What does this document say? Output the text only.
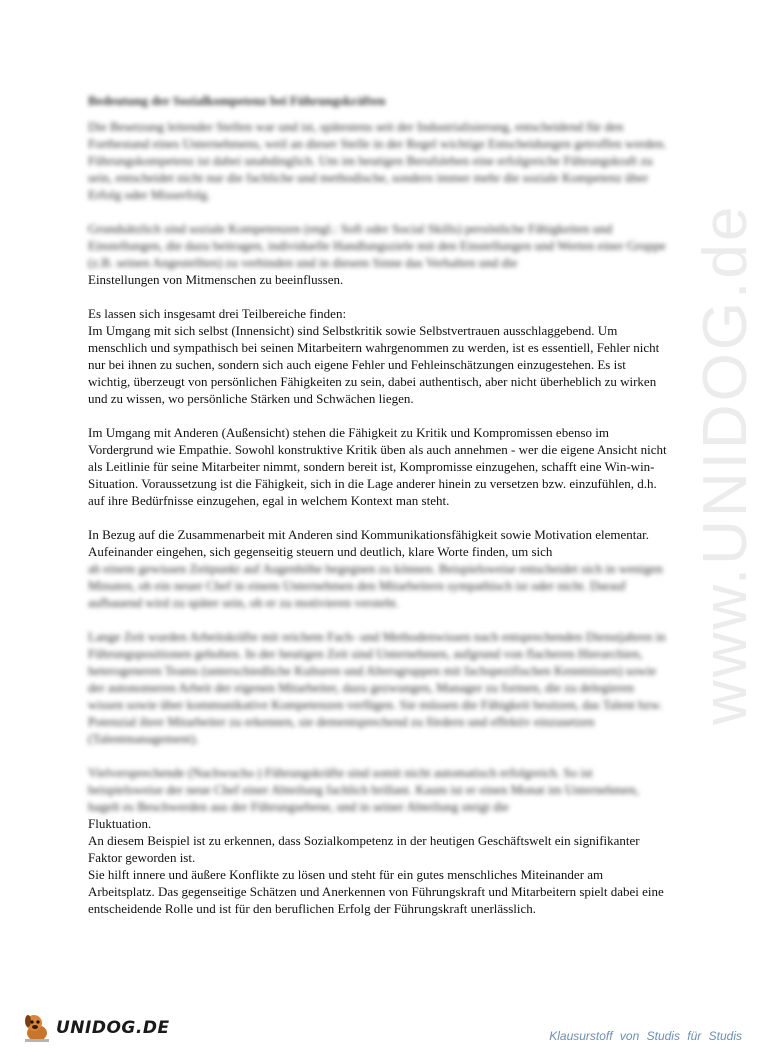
www.UNIDOG.de
Bedeutung der Sozialkompetenz bei Führungskräften
Die Besetzung leitender Stellen war und ist, spätestens seit der Industrialisierung, entscheidend für den Fortbestand eines Unternehmens, weil an dieser Stelle in der Regel wichtige Entscheidungen getroffen werden. Führungskompetenz ist dabei unabdinglich. Um im heutigen Berufsleben eine erfolgreiche Führungskraft zu sein, entscheidet nicht nur die fachliche und methodische, sondern immer mehr die soziale Kompetenz über Erfolg oder Misserfolg.
Grundsätzlich sind soziale Kompetenzen (engl.: Soft oder Social Skills) persönliche Fähigkeiten und Einstellungen, die dazu beitragen, individuelle Handlungsziele mit den Einstellungen und Werten einer Gruppe (z.B. seinen Angestellten) zu verbinden und in diesem Sinne das Verhalten und die
Einstellungen von Mitmenschen zu beeinflussen.
Es lassen sich insgesamt drei Teilbereiche finden:
Im Umgang mit sich selbst (Innensicht) sind Selbstkritik sowie Selbstvertrauen ausschlaggebend. Um menschlich und sympathisch bei seinen Mitarbeitern wahrgenommen zu werden, ist es essentiell, Fehler nicht nur bei ihnen zu suchen, sondern sich auch eigene Fehler und Fehleinschätzungen einzugestehen. Es ist wichtig, überzeugt von persönlichen Fähigkeiten zu sein, dabei authentisch, aber nicht überheblich zu wirken und zu wissen, wo persönliche Stärken und Schwächen liegen.
Im Umgang mit Anderen (Außensicht) stehen die Fähigkeit zu Kritik und Kompromissen ebenso im Vordergrund wie Empathie. Sowohl konstruktive Kritik üben als auch annehmen - wer die eigene Ansicht nicht als Leitlinie für seine Mitarbeiter nimmt, sondern bereit ist, Kompromisse einzugehen, schafft eine Win-win-Situation. Voraussetzung ist die Fähigkeit, sich in die Lage anderer hinein zu versetzen bzw. einzufühlen, d.h. auf ihre Bedürfnisse einzugehen, egal in welchem Kontext man steht.
In Bezug auf die Zusammenarbeit mit Anderen sind Kommunikationsfähigkeit sowie Motivation elementar. Aufeinander eingehen, sich gegenseitig steuern und deutlich, klare Worte finden, um sich
ab einem gewissen Zeitpunkt auf Augenhöhe begegnen zu können. Beispielsweise entscheidet sich in wenigen Minuten, ob ein neuer Chef in einem Unternehmen den Mitarbeitern sympathisch ist oder nicht. Darauf aufbauend wird zu später sein, ob er zu motivieren versteht.
Lange Zeit wurden Arbeitskräfte mit reichem Fach- und Methodenwissen nach entsprechenden Dienstjahren in Führungspositionen gehoben. In der heutigen Zeit sind Unternehmen, aufgrund von flacheren Hierarchien, heterogeneren Teams (unterschiedliche Kulturen und Altersgruppen mit fachspezifischen Kenntnissen) sowie der autonomeren Arbeit der eigenen Mitarbeiter, dazu gezwungen, Manager zu formen, die zu delegieren wissen sowie über kommunikative Kompetenzen verfügen. Sie müssen die Fähigkeit besitzen, das Talent bzw. Potenzial ihrer Mitarbeiter zu erkennen, sie dementsprechend zu fördern und effektiv einzusetzen (Talentmanagement).
Vielversprechende (Nachwuchs-) Führungskräfte sind somit nicht automatisch erfolgreich. So ist beispielsweise der neue Chef einer Abteilung fachlich brillant. Kaum ist er einen Monat im Unternehmen, hagelt es Beschwerden aus der Führungsebene, und in seiner Abteilung steigt die
Fluktuation.
An diesem Beispiel ist zu erkennen, dass Sozialkompetenz in der heutigen Geschäftswelt ein signifikanter Faktor geworden ist.
Sie hilft innere und äußere Konflikte zu lösen und steht für ein gutes menschliches Miteinander am Arbeitsplatz. Das gegenseitige Schätzen und Anerkennen von Führungskraft und Mitarbeitern spielt dabei eine entscheidende Rolle und ist für den beruflichen Erfolg der Führungskraft unerlässlich.
UNIDOG.DE	Klausurstoff von Studis für Studis
